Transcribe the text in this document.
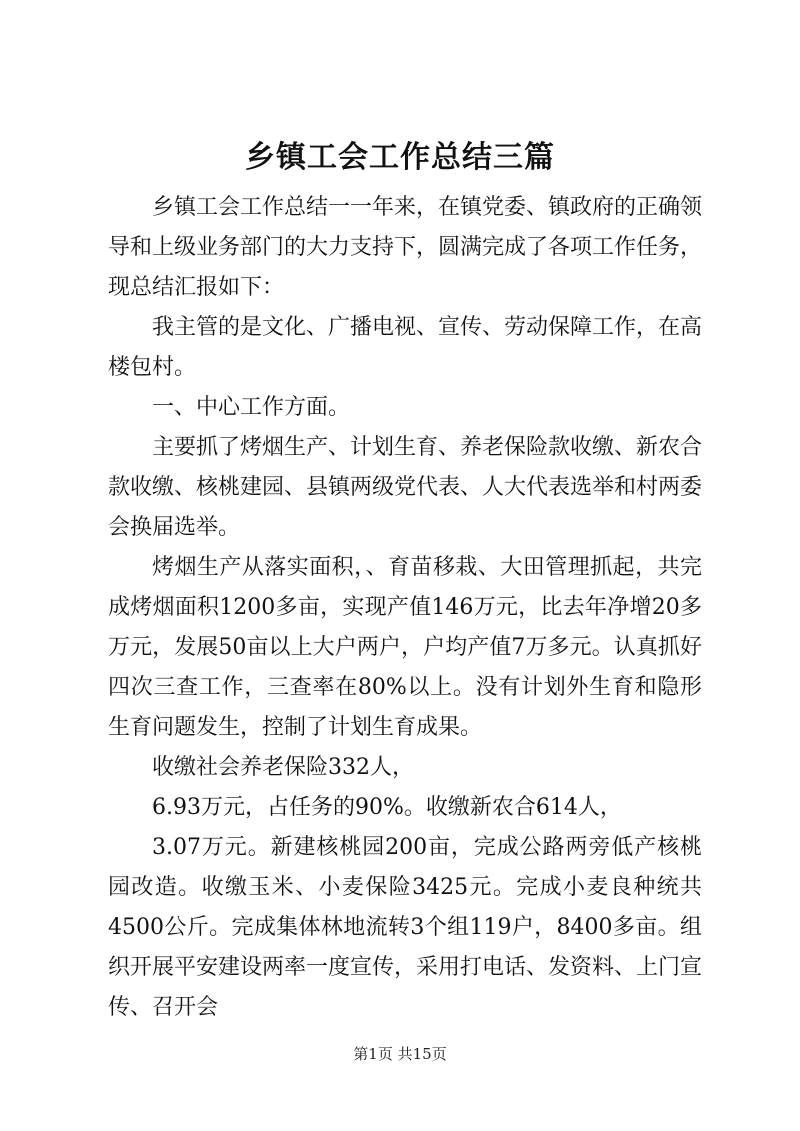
乡镇工会工作总结三篇

乡镇工会工作总结一一年来，在镇党委、镇政府的正确领导和上级业务部门的大力支持下，圆满完成了各项工作任务，现总结汇报如下：

我主管的是文化、广播电视、宣传、劳动保障工作，在高楼包村。

一、中心工作方面。

主要抓了烤烟生产、计划生育、养老保险款收缴、新农合款收缴、核桃建园、县镇两级党代表、人大代表选举和村两委会换届选举。

烤烟生产从落实面积，、育苗移栽、大田管理抓起，共完成烤烟面积1200多亩，实现产值146万元，比去年净增20多万元，发展50亩以上大户两户，户均产值7万多元。认真抓好四次三查工作，三查率在80%以上。没有计划外生育和隐形生育问题发生，控制了计划生育成果。

收缴社会养老保险332人，

6.93万元，占任务的90%。收缴新农合614人，

3.07万元。新建核桃园200亩，完成公路两旁低产核桃园改造。收缴玉米、小麦保险3425元。完成小麦良种统共4500公斤。完成集体林地流转3个组119户，8400多亩。组织开展平安建设两率一度宣传，采用打电话、发资料、上门宣传、召开会

第1页 共15页
